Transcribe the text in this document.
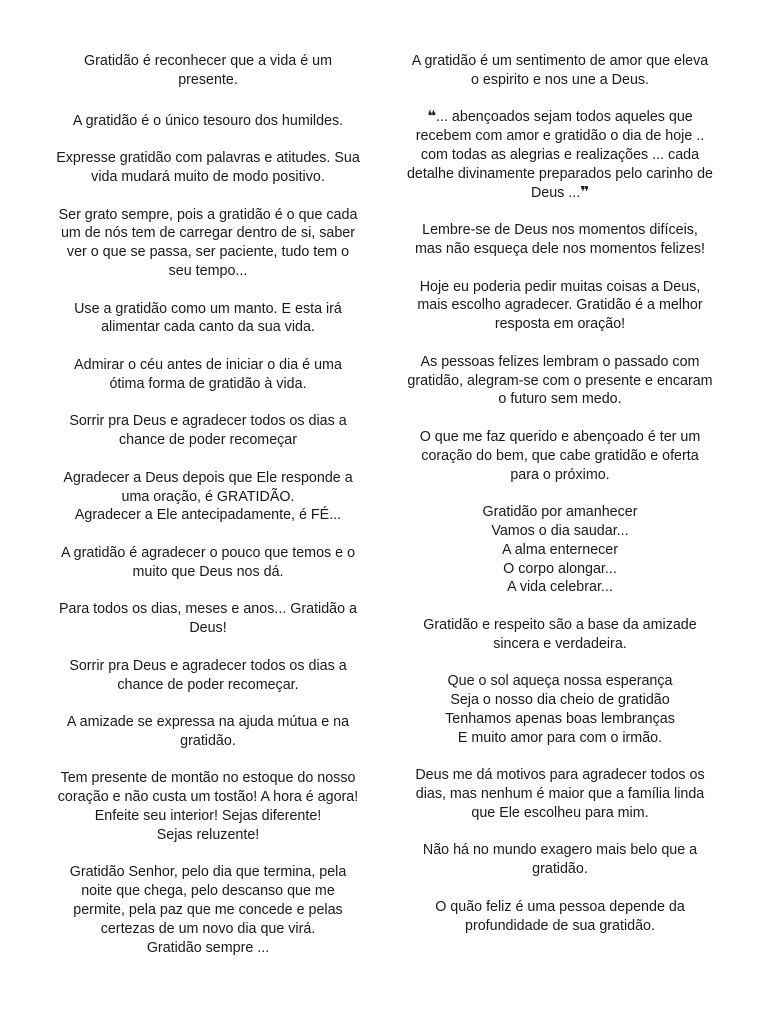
Gratidão é reconhecer que a vida é um
presente.

A gratidão é o único tesouro dos humildes.

Expresse gratidão com palavras e atitudes. Sua
vida mudará muito de modo positivo.

Ser grato sempre, pois a gratidão é o que cada
um de nós tem de carregar dentro de si, saber
ver o que se passa, ser paciente, tudo tem o
seu tempo...

Use a gratidão como um manto. E esta irá
alimentar cada canto da sua vida.

Admirar o céu antes de iniciar o dia é uma
ótima forma de gratidão à vida.

Sorrir pra Deus e agradecer todos os dias a
chance de poder recomeçar

Agradecer a Deus depois que Ele responde a
uma oração, é GRATIDÃO.
Agradecer a Ele antecipadamente, é FÉ...

A gratidão é agradecer o pouco que temos e o
muito que Deus nos dá.

Para todos os dias, meses e anos... Gratidão a
Deus!

Sorrir pra Deus e agradecer todos os dias a
chance de poder recomeçar.

A amizade se expressa na ajuda mútua e na
gratidão.

Tem presente de montão no estoque do nosso
coração e não custa um tostão! A hora é agora!
Enfeite seu interior! Sejas diferente!
Sejas reluzente!

Gratidão Senhor, pelo dia que termina, pela
noite que chega, pelo descanso que me
permite, pela paz que me concede e pelas
certezas de um novo dia que virá.
Gratidão sempre ...

A gratidão é um sentimento de amor que eleva
o espirito e nos une a Deus.

❝... abençoados sejam todos aqueles que
recebem com amor e gratidão o dia de hoje ..
com todas as alegrias e realizações ... cada
detalhe divinamente preparados pelo carinho de
Deus ...❞

Lembre-se de Deus nos momentos difíceis,
mas não esqueça dele nos momentos felizes!

Hoje eu poderia pedir muitas coisas a Deus,
mais escolho agradecer. Gratidão é a melhor
resposta em oração!

As pessoas felizes lembram o passado com
gratidão, alegram-se com o presente e encaram
o futuro sem medo.

O que me faz querido e abençoado é ter um
coração do bem, que cabe gratidão e oferta
para o próximo.

Gratidão por amanhecer
Vamos o dia saudar...
A alma enternecer
O corpo alongar...
A vida celebrar...

Gratidão e respeito são a base da amizade
sincera e verdadeira.

Que o sol aqueça nossa esperança
Seja o nosso dia cheio de gratidão
Tenhamos apenas boas lembranças
E muito amor para com o irmão.

Deus me dá motivos para agradecer todos os
dias, mas nenhum é maior que a família linda
que Ele escolheu para mim.

Não há no mundo exagero mais belo que a
gratidão.

O quão feliz é uma pessoa depende da
profundidade de sua gratidão.
